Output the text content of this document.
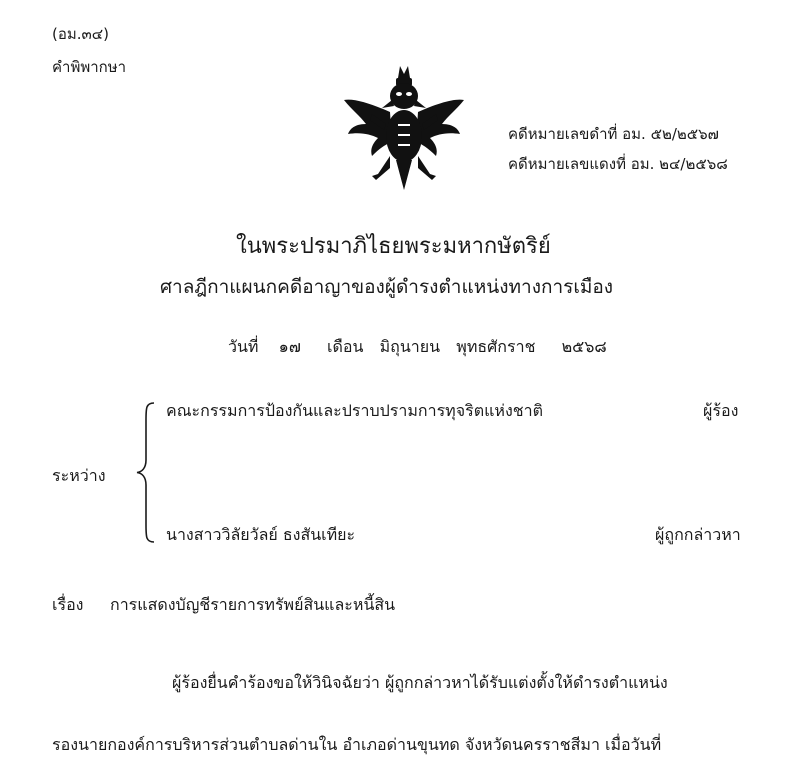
(อม.๓๔)
คำพิพากษา
คดีหมายเลขดำที่ อม. ๕๒/๒๕๖๗
คดีหมายเลขแดงที่ อม. ๒๔/๒๕๖๘
ในพระปรมาภิไธยพระมหากษัตริย์
ศาลฎีกาแผนกคดีอาญาของผู้ดำรงตำแหน่งทางการเมือง
วันที่ ๑๗ เดือน มิถุนายน พุทธศักราช ๒๕๖๘
คณะกรรมการป้องกันและปราบปรามการทุจริตแห่งชาติ	ผู้ร้อง
ระหว่าง
นางสาววิลัยวัลย์ ธงสันเทียะ	ผู้ถูกกล่าวหา
เรื่อง การแสดงบัญชีรายการทรัพย์สินและหนี้สิน
ผู้ร้องยื่นคำร้องขอให้วินิจฉัยว่า ผู้ถูกกล่าวหาได้รับแต่งตั้งให้ดำรงตำแหน่ง
รองนายกองค์การบริหารส่วนตำบลด่านใน อำเภอด่านขุนทด จังหวัดนครราชสีมา เมื่อวันที่
